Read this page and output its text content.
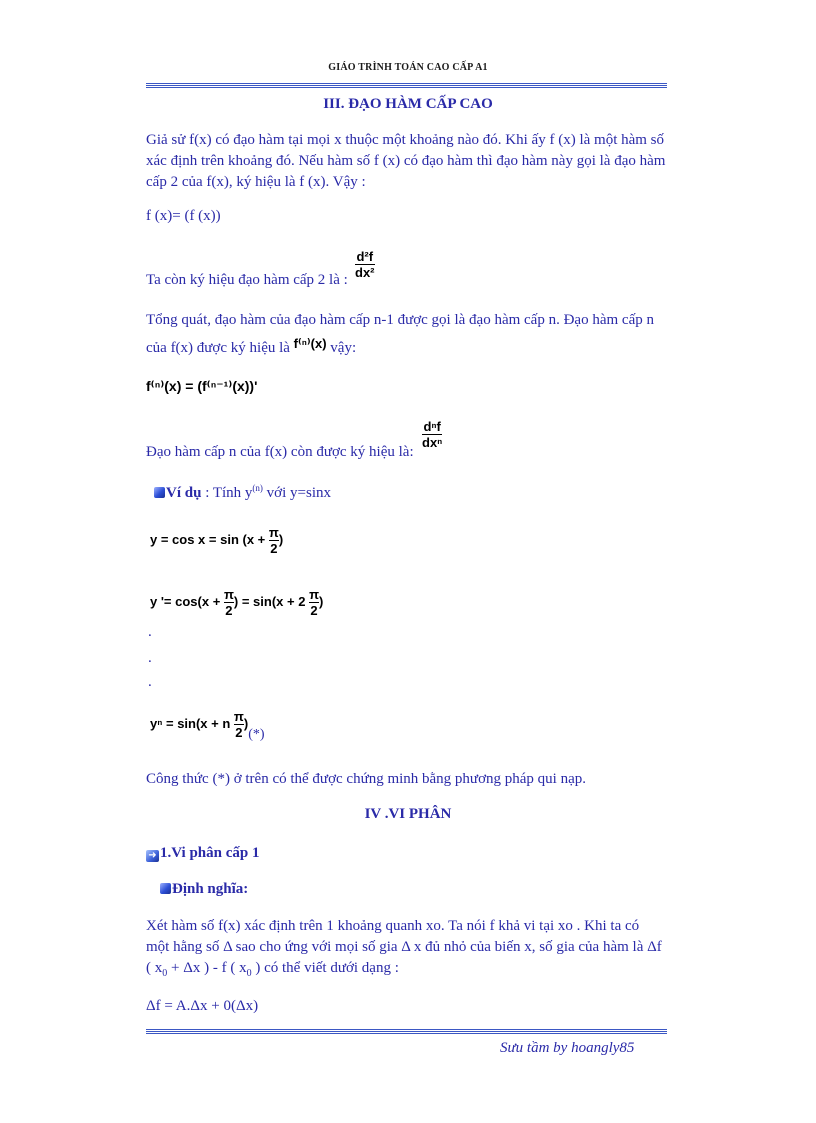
GIÁO TRÌNH TOÁN CAO CẤP A1
III. ĐẠO HÀM CẤP CAO
Giả sử f(x) có đạo hàm tại mọi x thuộc một khoảng nào đó. Khi ấy f (x) là một hàm số xác định trên khoảng đó. Nếu hàm số f (x) có đạo hàm thì đạo hàm này gọi là đạo hàm cấp 2 của f(x), ký hiệu là f (x). Vậy :
f (x)= (f (x))
Ta còn ký hiệu đạo hàm cấp 2 là :
$\frac{\text{d²f}}{\text{dx²}}$
Tổng quát, đạo hàm của đạo hàm cấp n-1 được gọi là đạo hàm cấp n. Đạo hàm cấp n
của f(x) được ký hiệu là f⁽ⁿ⁾(x) vậy:
f⁽ⁿ⁾(x) = (f⁽ⁿ⁻¹⁾(x))'
Đạo hàm cấp n của f(x) còn được ký hiệu là:
$\frac{\text{dⁿf}}{\text{dxⁿ}}$
Ví dụ : Tính $y^{(n)}$ với y=sinx
$y = \cos x = \sin (x + \frac{\pi}{2}$ )
y '= $\cos(x + \frac{\pi}{2}$ ) = $\sin(x + 2 \frac{\pi}{2}$ )
.
.
.
yⁿ = sin(x + n $\frac{\pi}{2}$ )(*)
Công thức (*) ở trên có thể được chứng minh bằng phương pháp qui nạp.
IV .VI PHÂN
➜ 1.Vi phân cấp 1
Định nghĩa:
Xét hàm số f(x) xác định trên 1 khoảng quanh xo. Ta nói f khả vi tại xo . Khi ta có
một hằng số Δ sao cho ứng với mọi số gia Δ x đủ nhỏ của biến x, số gia của hàm là Δf
( $x_0 + \Delta x$ ) - f ( $x_0$ ) có thể viết dưới dạng :
Δf = A.Δx + 0(Δx)
Sưu tầm by hoangly85
